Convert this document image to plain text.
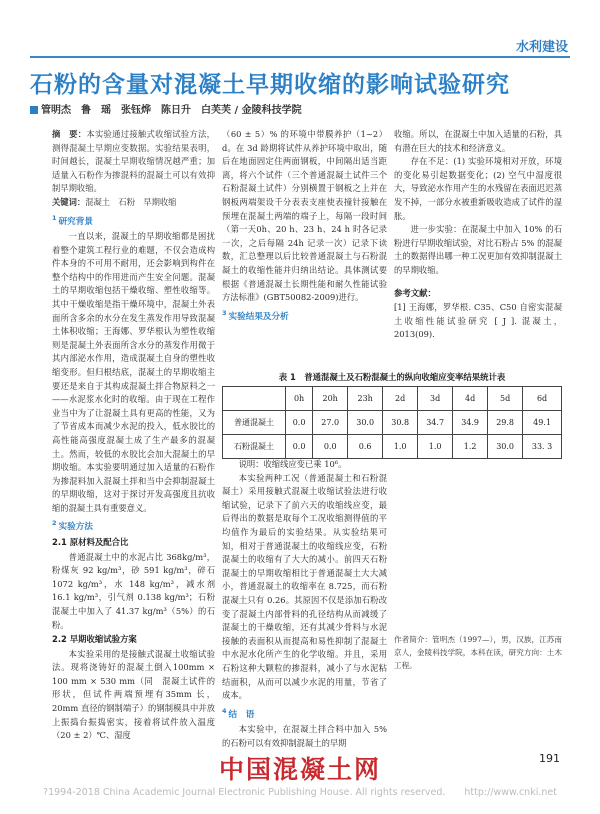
水利建设
石粉的含量对混凝土早期收缩的影响试验研究
管明杰　鲁　瑶　张钰烨　陈日升　白芙芙 / 金陵科技学院

摘　要：本实验通过接触式收缩试验方法，测得混凝土早期应变数据。实验结果表明，时间越长，混凝土早期收缩情况越严重；加适量入石粉作为掺混料的混凝土可以有效抑制早期收缩。

关键词：混凝土　石粉　早期收缩

$^1$ 研究背景

一直以来，混凝土的早期收缩都是困扰着整个建筑工程行业的难题，不仅会造成构件本身的不可用不耐用，还会影响到构件在整个结构中的作用进而产生安全问题。混凝土的早期收缩包括干燥收缩、塑性收缩等。其中干燥收缩是指干燥环境中，混凝土外表面所含多余的水分在发生蒸发作用导致混凝土体积收缩；王海娜、罗华根认为塑性收缩则是混凝土外表面所含水分的蒸发作用微于其内部泌水作用，造成混凝土自身的塑性收缩变形。但归根结底，混凝土的早期收缩主要还是来自于其构成混凝土拌合物原料之一——水泥浆水化时的收缩。由于现在工程作业当中为了让混凝土具有更高的性能，又为了节省成本而减少水泥的投入，低水胶比的高性能高强度混凝土成了生产最多的混凝土。然而，较低的水胶比会加大混凝土的早期收缩。本实验要明通过加入适量的石粉作为掺混料加入混凝土拌和当中会抑制混凝土的早期收缩，这对于探讨开发高强度且抗收缩的混凝土具有重要意义。

$^2$ 实验方法
2.1 原材料及配合比

普通混凝土中的水泥占比 368kg/m³，粉煤灰 92 kg/m³，砂 591 kg/m³，碎石 1072 kg/m³，水 148 kg/m³，减水剂 16.1 kg/m³，引气剂 0.138 kg/m³；石粉混凝土中加入了 41.37 kg/m³（5%）的石粉。

2.2 早期收缩试验方案

本实验采用的是接触式混凝土收缩试验法。现将浇铸好的混凝土倒入100mm × 100 mm × 530 mm（同　混凝土试件的形状，但试件两端预埋有35mm 长，20mm 直径的钢制端子）的钢制模具中并放上振捣台振捣密实，接着将试件放入温度（20 ± 2）℃、湿度

（60 ± 5）% 的环境中带膜养护（1~2）d。在 3d 龄期将试件从养护环境中取出，随后在地面固定住两面钢板，中间隔出适当距离，将六个试件（三个普通混凝土试件三个石粉混凝土试件）分别横置于钢板之上并在钢板两端架设千分表表支座使表撞针接触在预埋在混凝土两端的端子上，每隔一段时间（第一天0h、20 h、23 h、24 h 时各记录一次，之后每隔 24h 记录一次）记录下读数，汇总整理以后比较普通混凝土与石粉混凝土的收缩性能并归纳出结论。具体测试要根据《普通混凝土长期性能和耐久性能试验方法标准》(GBT50082-2009)进行。

$^3$ 实验结果及分析

收缩。所以，在混凝土中加入适量的石粉，具有潜在巨大的技术和经济意义。

存在不足：(1) 实验环境相对开放，环境的变化易引起数据变化；(2) 空气中湿度很大，导致泌水作用产生的水残留在表面迟迟蒸发不掉，一部分水被重新吸收造成了试件的湿胀。

进一步实验：在混凝土中加入 10% 的石粉进行早期收缩试验，对比石粉占 5% 的混凝土的数据得出哪一种工况更加有效抑制混凝土的早期收缩。

参考文献：

[1] 王海娜，罗华根. C35、C50 自密实混凝土收缩性能试验研究 [ J ]. 混凝土，2013(09).

表 1　普通混凝土及石粉混凝土的纵向收缩应变率结果统计表
	0h	20h	23h	2d	3d	4d	5d	6d
普通混凝土	0.0	27.0	30.0	30.8	34.7	34.9	29.8	49.1
石粉混凝土	0.0	0.0	0.6	1.0	1.0	1.2	30.0	33. 3

说明：收缩线应变已乘 10⁶。

本实验两种工况（普通混凝土和石粉混凝土）采用接触式混凝土收缩试验法进行收缩试验，记录下了前六天的收缩线应变，最后得出的数据是取每个工况收缩测得值的平均值作为最后的实验结果。从实验结果可知，相对于普通混凝土的收缩线应变，石粉混凝土的收缩有了大大的减小。前四天石粉混凝土的早期收缩相比于普通混凝土大大减小，普通混凝土的收缩率在 8.725，而石粉混凝土只有 0.26。其原因不仅是添加石粉改变了混凝土内部骨料的孔径结构从而减缓了混凝土的干燥收缩，还有其减少骨料与水泥接触的表面积从而提高和易性抑制了混凝土中水泥水化所产生的化学收缩。并且，采用石粉这种大颗粒的掺混料，减小了与水泥粘结面积，从而可以减少水泥的用量，节省了成本。

$^4$ 结　语

本实验中，在混凝土拌合料中加入 5% 的石粉可以有效抑制混凝土的早期

作者简介：管明杰（1997—），男，汉族，江苏南京人，金陵科技学院，本科在读，研究方向：土木工程。

中国混凝土网	191
?1994-2018 China Academic Journal Electronic Publishing House. All rights reserved.　　http://www.cnki.net
